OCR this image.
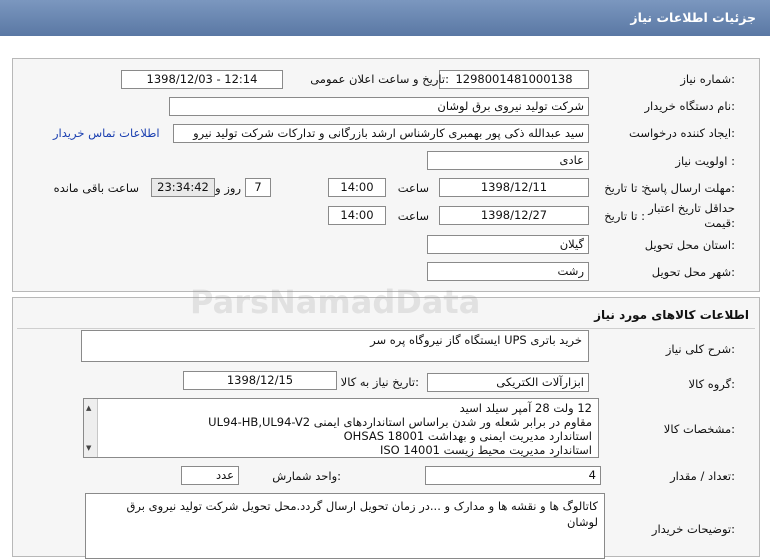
جزئیات اطلاعات نیاز
شماره نیاز:
1298001481000138
تاریخ و ساعت اعلان عمومی:
1398/12/03 - 12:14
نام دستگاه خریدار:
شرکت تولید نیروی برق لوشان
ایجاد کننده درخواست:
سید عبدالله ذکی پور بهمبری کارشناس ارشد بازرگانی و تدارکات شرکت تولید نیرو
اطلاعات تماس خریدار
اولویت نیاز :
عادی
مهلت ارسال پاسخ:
تا تاریخ :
1398/12/11
ساعت
14:00
7
روز و
23:34:42
ساعت باقی مانده
حداقل تاریخ اعتبار
قیمت:
تا تاریخ :
1398/12/27
ساعت
14:00
استان محل تحویل:
گیلان
شهر محل تحویل:
رشت
اطلاعات کالاهای مورد نیاز
شرح کلی نیاز:
خرید باتری UPS ایستگاه گاز نیروگاه پره سر
گروه کالا:
ابزارآلات الکتریکی
تاریخ نیاز به کالا:
1398/12/15
مشخصات کالا:
▲
▼
12 ولت 28 آمپر سیلد اسید
مقاوم در برابر شعله ور شدن براساس استانداردهای ایمنی UL94-HB,UL94-V2
استاندارد مدیریت ایمنی و بهداشت OHSAS 18001
استاندارد مدیریت محیط زیست ISO 14001
تعداد / مقدار:
4
واحد شمارش:
عدد
توضیحات خریدار:
کاتالوگ ها و نقشه ها و مدارک و ...در زمان تحویل ارسال گردد.محل تحویل شرکت تولید نیروی برق لوشان
ParsNamadData
